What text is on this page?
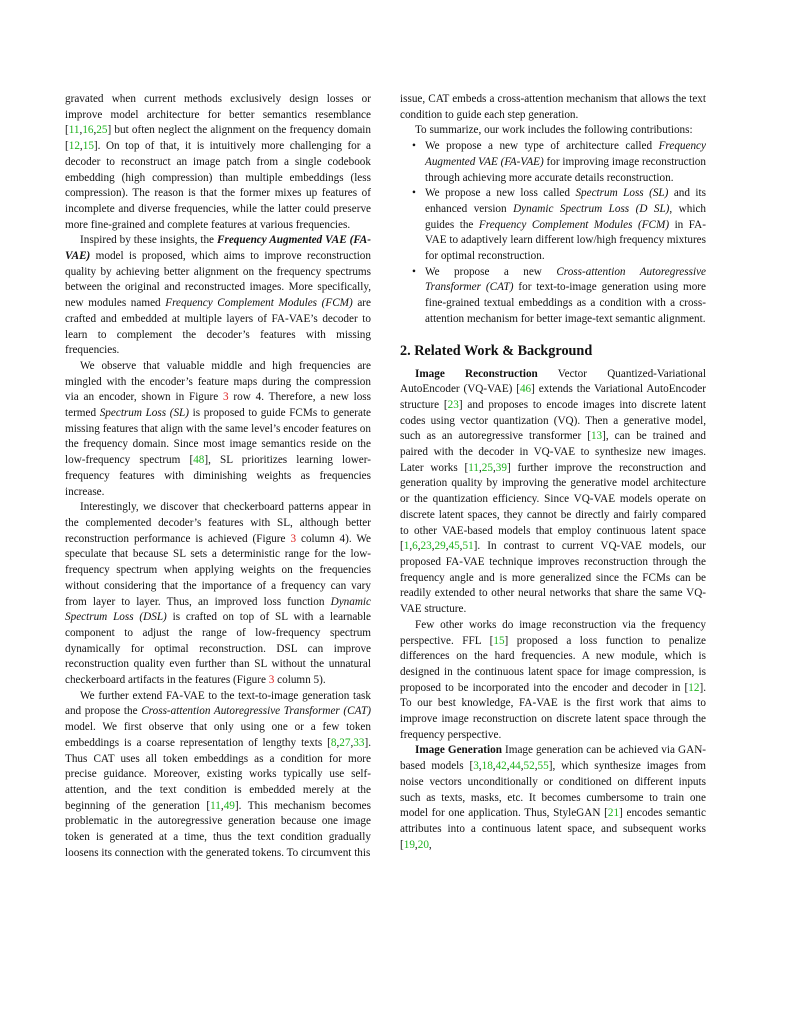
gravated when current methods exclusively design losses or improve model architecture for better semantics resemblance [11,16,25] but often neglect the alignment on the frequency domain [12,15]. On top of that, it is intuitively more challenging for a decoder to reconstruct an image patch from a single codebook embedding (high compression) than multiple embeddings (less compression). The reason is that the former mixes up features of incomplete and diverse frequencies, while the latter could preserve more fine-grained and complete features at various frequencies.

Inspired by these insights, the Frequency Augmented VAE (FA-VAE) model is proposed, which aims to improve reconstruction quality by achieving better alignment on the frequency spectrums between the original and reconstructed images. More specifically, new modules named Frequency Complement Modules (FCM) are crafted and embedded at multiple layers of FA-VAE’s decoder to learn to complement the decoder’s features with missing frequencies.

We observe that valuable middle and high frequencies are mingled with the encoder’s feature maps during the compression via an encoder, shown in Figure 3 row 4. Therefore, a new loss termed Spectrum Loss (SL) is proposed to guide FCMs to generate missing features that align with the same level’s encoder features on the frequency domain. Since most image semantics reside on the low-frequency spectrum [48], SL prioritizes learning lower-frequency features with diminishing weights as frequencies increase.

Interestingly, we discover that checkerboard patterns appear in the complemented decoder’s features with SL, although better reconstruction performance is achieved (Figure 3 column 4). We speculate that because SL sets a deterministic range for the low-frequency spectrum when applying weights on the frequencies without considering that the importance of a frequency can vary from layer to layer. Thus, an improved loss function Dynamic Spectrum Loss (DSL) is crafted on top of SL with a learnable component to adjust the range of low-frequency spectrum dynamically for optimal reconstruction. DSL can improve reconstruction quality even further than SL without the unnatural checkerboard artifacts in the features (Figure 3 column 5).

We further extend FA-VAE to the text-to-image generation task and propose the Cross-attention Autoregressive Transformer (CAT) model. We first observe that only using one or a few token embeddings is a coarse representation of lengthy texts [8,27,33]. Thus CAT uses all token embeddings as a condition for more precise guidance. Moreover, existing works typically use self-attention, and the text condition is embedded merely at the beginning of the generation [11,49]. This mechanism becomes problematic in the autoregressive generation because one image token is generated at a time, thus the text condition gradually loosens its connection with the generated tokens. To circumvent this

issue, CAT embeds a cross-attention mechanism that allows the text condition to guide each step generation.

To summarize, our work includes the following contributions:

• We propose a new type of architecture called Frequency Augmented VAE (FA-VAE) for improving image reconstruction through achieving more accurate details reconstruction.
• We propose a new loss called Spectrum Loss (SL) and its enhanced version Dynamic Spectrum Loss (D SL), which guides the Frequency Complement Modules (FCM) in FA-VAE to adaptively learn different low/high frequency mixtures for optimal reconstruction.
• We propose a new Cross-attention Autoregressive Transformer (CAT) for text-to-image generation using more fine-grained textual embeddings as a condition with a cross-attention mechanism for better image-text semantic alignment.
2. Related Work & Background

Image Reconstruction Vector Quantized-Variational AutoEncoder (VQ-VAE) [46] extends the Variational AutoEncoder structure [23] and proposes to encode images into discrete latent codes using vector quantization (VQ). Then a generative model, such as an autoregressive transformer [13], can be trained and paired with the decoder in VQ-VAE to synthesize new images. Later works [11,25,39] further improve the reconstruction and generation quality by improving the generative model architecture or the quantization efficiency. Since VQ-VAE models operate on discrete latent spaces, they cannot be directly and fairly compared to other VAE-based models that employ continuous latent space [1,6,23,29,45,51]. In contrast to current VQ-VAE models, our proposed FA-VAE technique improves reconstruction through the frequency angle and is more generalized since the FCMs can be readily extended to other neural networks that share the same VQ-VAE structure.

Few other works do image reconstruction via the frequency perspective. FFL [15] proposed a loss function to penalize differences on the hard frequencies. A new module, which is designed in the continuous latent space for image compression, is proposed to be incorporated into the encoder and decoder in [12]. To our best knowledge, FA-VAE is the first work that aims to improve image reconstruction on discrete latent space through the frequency perspective.

Image Generation Image generation can be achieved via GAN-based models [3,18,42,44,52,55], which synthesize images from noise vectors unconditionally or conditioned on different inputs such as texts, masks, etc. It becomes cumbersome to train one model for one application. Thus, StyleGAN [21] encodes semantic attributes into a continuous latent space, and subsequent works [19,20,
